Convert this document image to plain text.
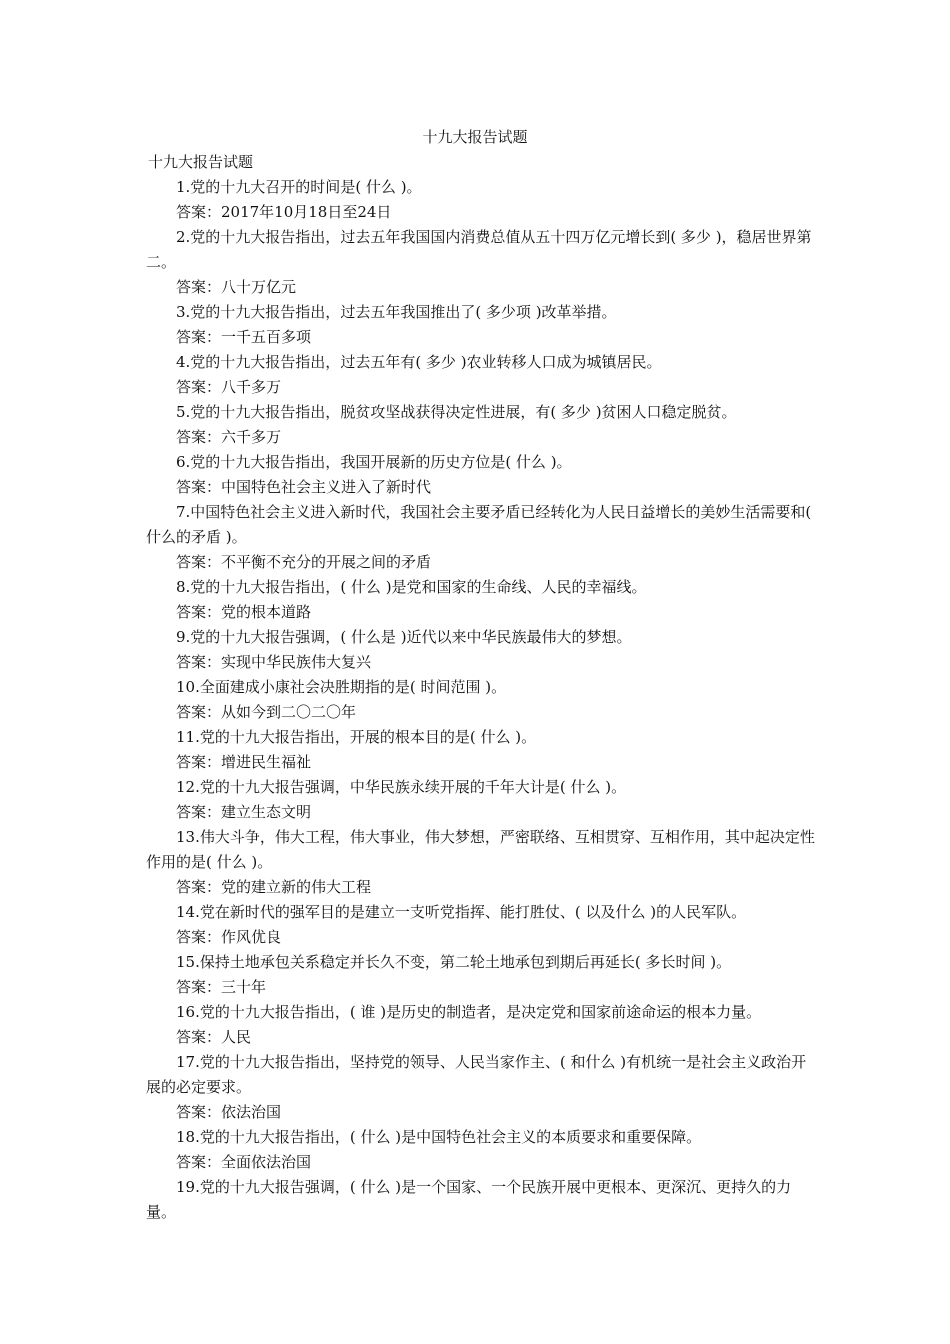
十九大报告试题
十九大报告试题
1.党的十九大召开的时间是( 什么 )。
答案：2017年10月18日至24日
2.党的十九大报告指出，过去五年我国国内消费总值从五十四万亿元增长到( 多少 )，稳居世界第二。
答案：八十万亿元
3.党的十九大报告指出，过去五年我国推出了( 多少项 )改革举措。
答案：一千五百多项
4.党的十九大报告指出，过去五年有( 多少 )农业转移人口成为城镇居民。
答案：八千多万
5.党的十九大报告指出，脱贫攻坚战获得决定性进展，有( 多少 )贫困人口稳定脱贫。
答案：六千多万
6.党的十九大报告指出，我国开展新的历史方位是( 什么 )。
答案：中国特色社会主义进入了新时代
7.中国特色社会主义进入新时代，我国社会主要矛盾已经转化为人民日益增长的美妙生活需要和( 什么的矛盾 )。
答案：不平衡不充分的开展之间的矛盾
8.党的十九大报告指出，( 什么 )是党和国家的生命线、人民的幸福线。
答案：党的根本道路
9.党的十九大报告强调，( 什么是 )近代以来中华民族最伟大的梦想。
答案：实现中华民族伟大复兴
10.全面建成小康社会决胜期指的是( 时间范围 )。
答案：从如今到二〇二〇年
11.党的十九大报告指出，开展的根本目的是( 什么 )。
答案：增进民生福祉
12.党的十九大报告强调，中华民族永续开展的千年大计是( 什么 )。
答案：建立生态文明
13.伟大斗争，伟大工程，伟大事业，伟大梦想，严密联络、互相贯穿、互相作用，其中起决定性作用的是( 什么 )。
答案：党的建立新的伟大工程
14.党在新时代的强军目的是建立一支听党指挥、能打胜仗、( 以及什么 )的人民军队。
答案：作风优良
15.保持土地承包关系稳定并长久不变，第二轮土地承包到期后再延长( 多长时间 )。
答案：三十年
16.党的十九大报告指出，( 谁 )是历史的制造者，是决定党和国家前途命运的根本力量。
答案：人民
17.党的十九大报告指出，坚持党的领导、人民当家作主、( 和什么 )有机统一是社会主义政治开展的必定要求。
答案：依法治国
18.党的十九大报告指出，( 什么 )是中国特色社会主义的本质要求和重要保障。
答案：全面依法治国
19.党的十九大报告强调，( 什么 )是一个国家、一个民族开展中更根本、更深沉、更持久的力量。
